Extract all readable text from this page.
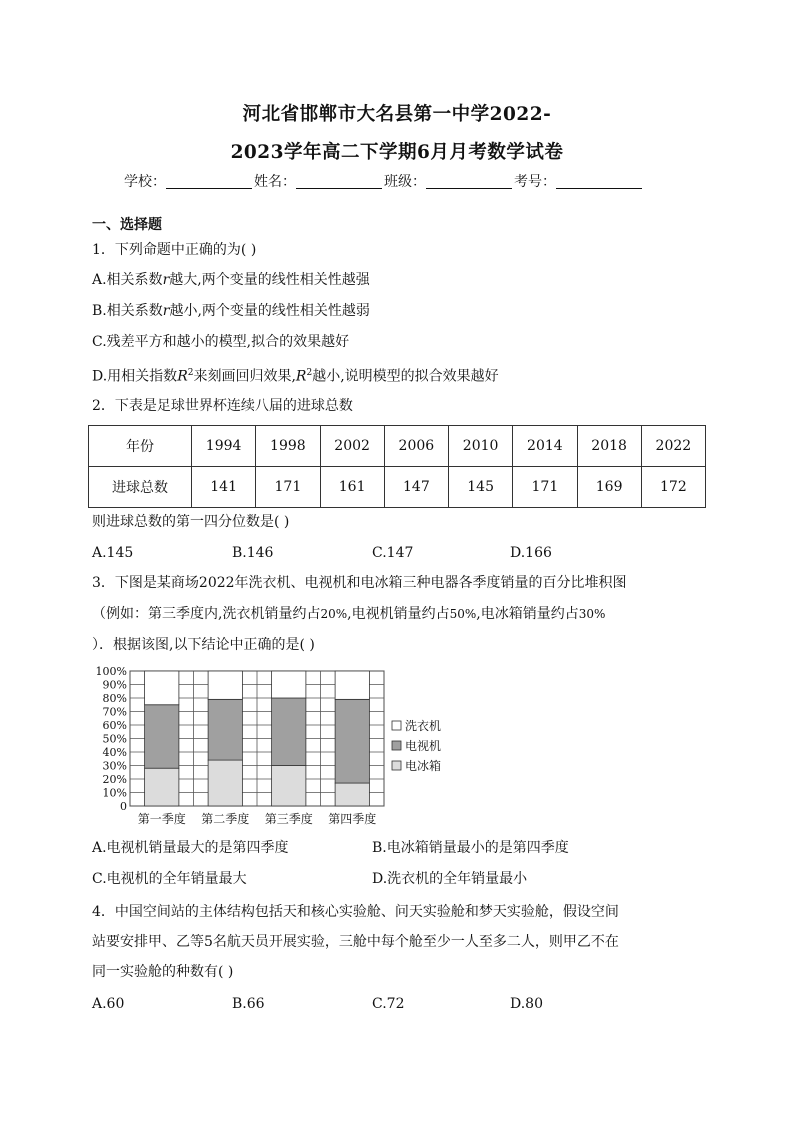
河北省邯郸市大名县第一中学2022-
2023学年高二下学期6月月考数学试卷
学校：	姓名：	班级：	考号：
一、选择题
1．下列命题中正确的为( )
A.相关系数r越大,两个变量的线性相关性越强
B.相关系数r越小,两个变量的线性相关性越弱
C.残差平方和越小的模型,拟合的效果越好
D.用相关指数$R^2$来刻画回归效果$,R^2$越小,说明模型的拟合效果越好
2．下表是足球世界杯连续八届的进球总数
年份	1994	1998	2002	2006	2010	2014	2018	2022
进球总数	141	171	161	147	145	171	169	172
则进球总数的第一四分位数是( )
A.145	B.146	C.147	D.166
3．下图是某商场2022年洗衣机、电视机和电冰箱三种电器各季度销量的百分比堆积图
（例如：第三季度内,洗衣机销量约占20%,电视机销量约占50%,电冰箱销量约占30%
）．根据该图,以下结论中正确的是( )
0
10%
20%
30%
40%
50%
60%
70%
80%
90%
100%
第一季度 第二季度 第三季度 第四季度
洗衣机
电视机
电冰箱
A.电视机销量最大的是第四季度	B.电冰箱销量最小的是第四季度
C.电视机的全年销量最大	D.洗衣机的全年销量最小
4．中国空间站的主体结构包括天和核心实验舱、问天实验舱和梦天实验舱，假设空间
站要安排甲、乙等5名航天员开展实验，三舱中每个舱至少一人至多二人，则甲乙不在
同一实验舱的种数有( )
A.60	B.66	C.72	D.80
